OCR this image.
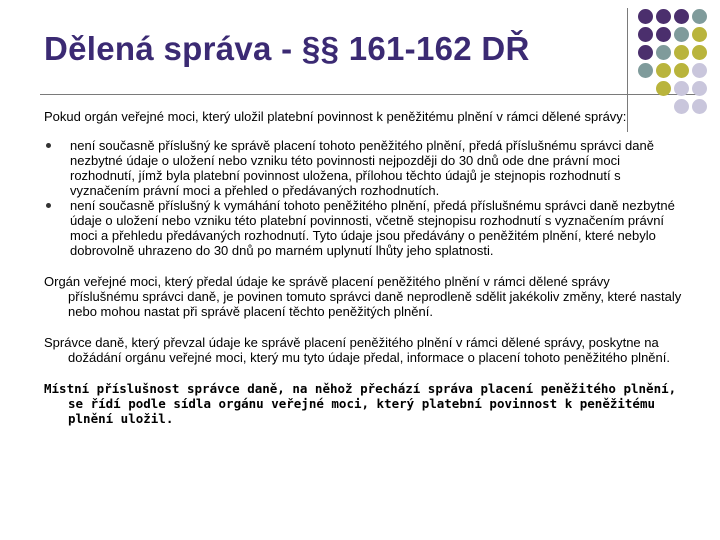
Dělená správa - §§ 161-162 DŘ

Pokud orgán veřejné moci, který uložil platební povinnost k peněžitému plnění v rámci dělené správy:

není současně příslušný ke správě placení tohoto peněžitého plnění, předá příslušnému správci daně nezbytné údaje o uložení nebo vzniku této povinnosti nejpozději do 30 dnů ode dne právní moci rozhodnutí, jímž byla platební povinnost uložena, přílohou těchto údajů je stejnopis rozhodnutí s vyznačením právní moci a přehled o předávaných rozhodnutích.
není současně příslušný k vymáhání tohoto peněžitého plnění, předá příslušnému správci daně nezbytné údaje o uložení nebo vzniku této platební povinnosti, včetně stejnopisu rozhodnutí s vyznačením právní moci a přehledu předávaných rozhodnutí. Tyto údaje jsou předávány o peněžitém plnění, které nebylo dobrovolně uhrazeno do 30 dnů po marném uplynutí lhůty jeho splatnosti.

Orgán veřejné moci, který předal údaje ke správě placení peněžitého plnění v rámci dělené správy příslušnému správci daně, je povinen tomuto správci daně neprodleně sdělit jakékoliv změny, které nastaly nebo mohou nastat při správě placení těchto peněžitých plnění.

Správce daně, který převzal údaje ke správě placení peněžitého plnění v rámci dělené správy, poskytne na dožádání orgánu veřejné moci, který mu tyto údaje předal, informace o placení tohoto peněžitého plnění.

Místní příslušnost správce daně, na něhož přechází správa placení peněžitého plnění, se řídí podle sídla orgánu veřejné moci, který platební povinnost k peněžitému plnění uložil.
